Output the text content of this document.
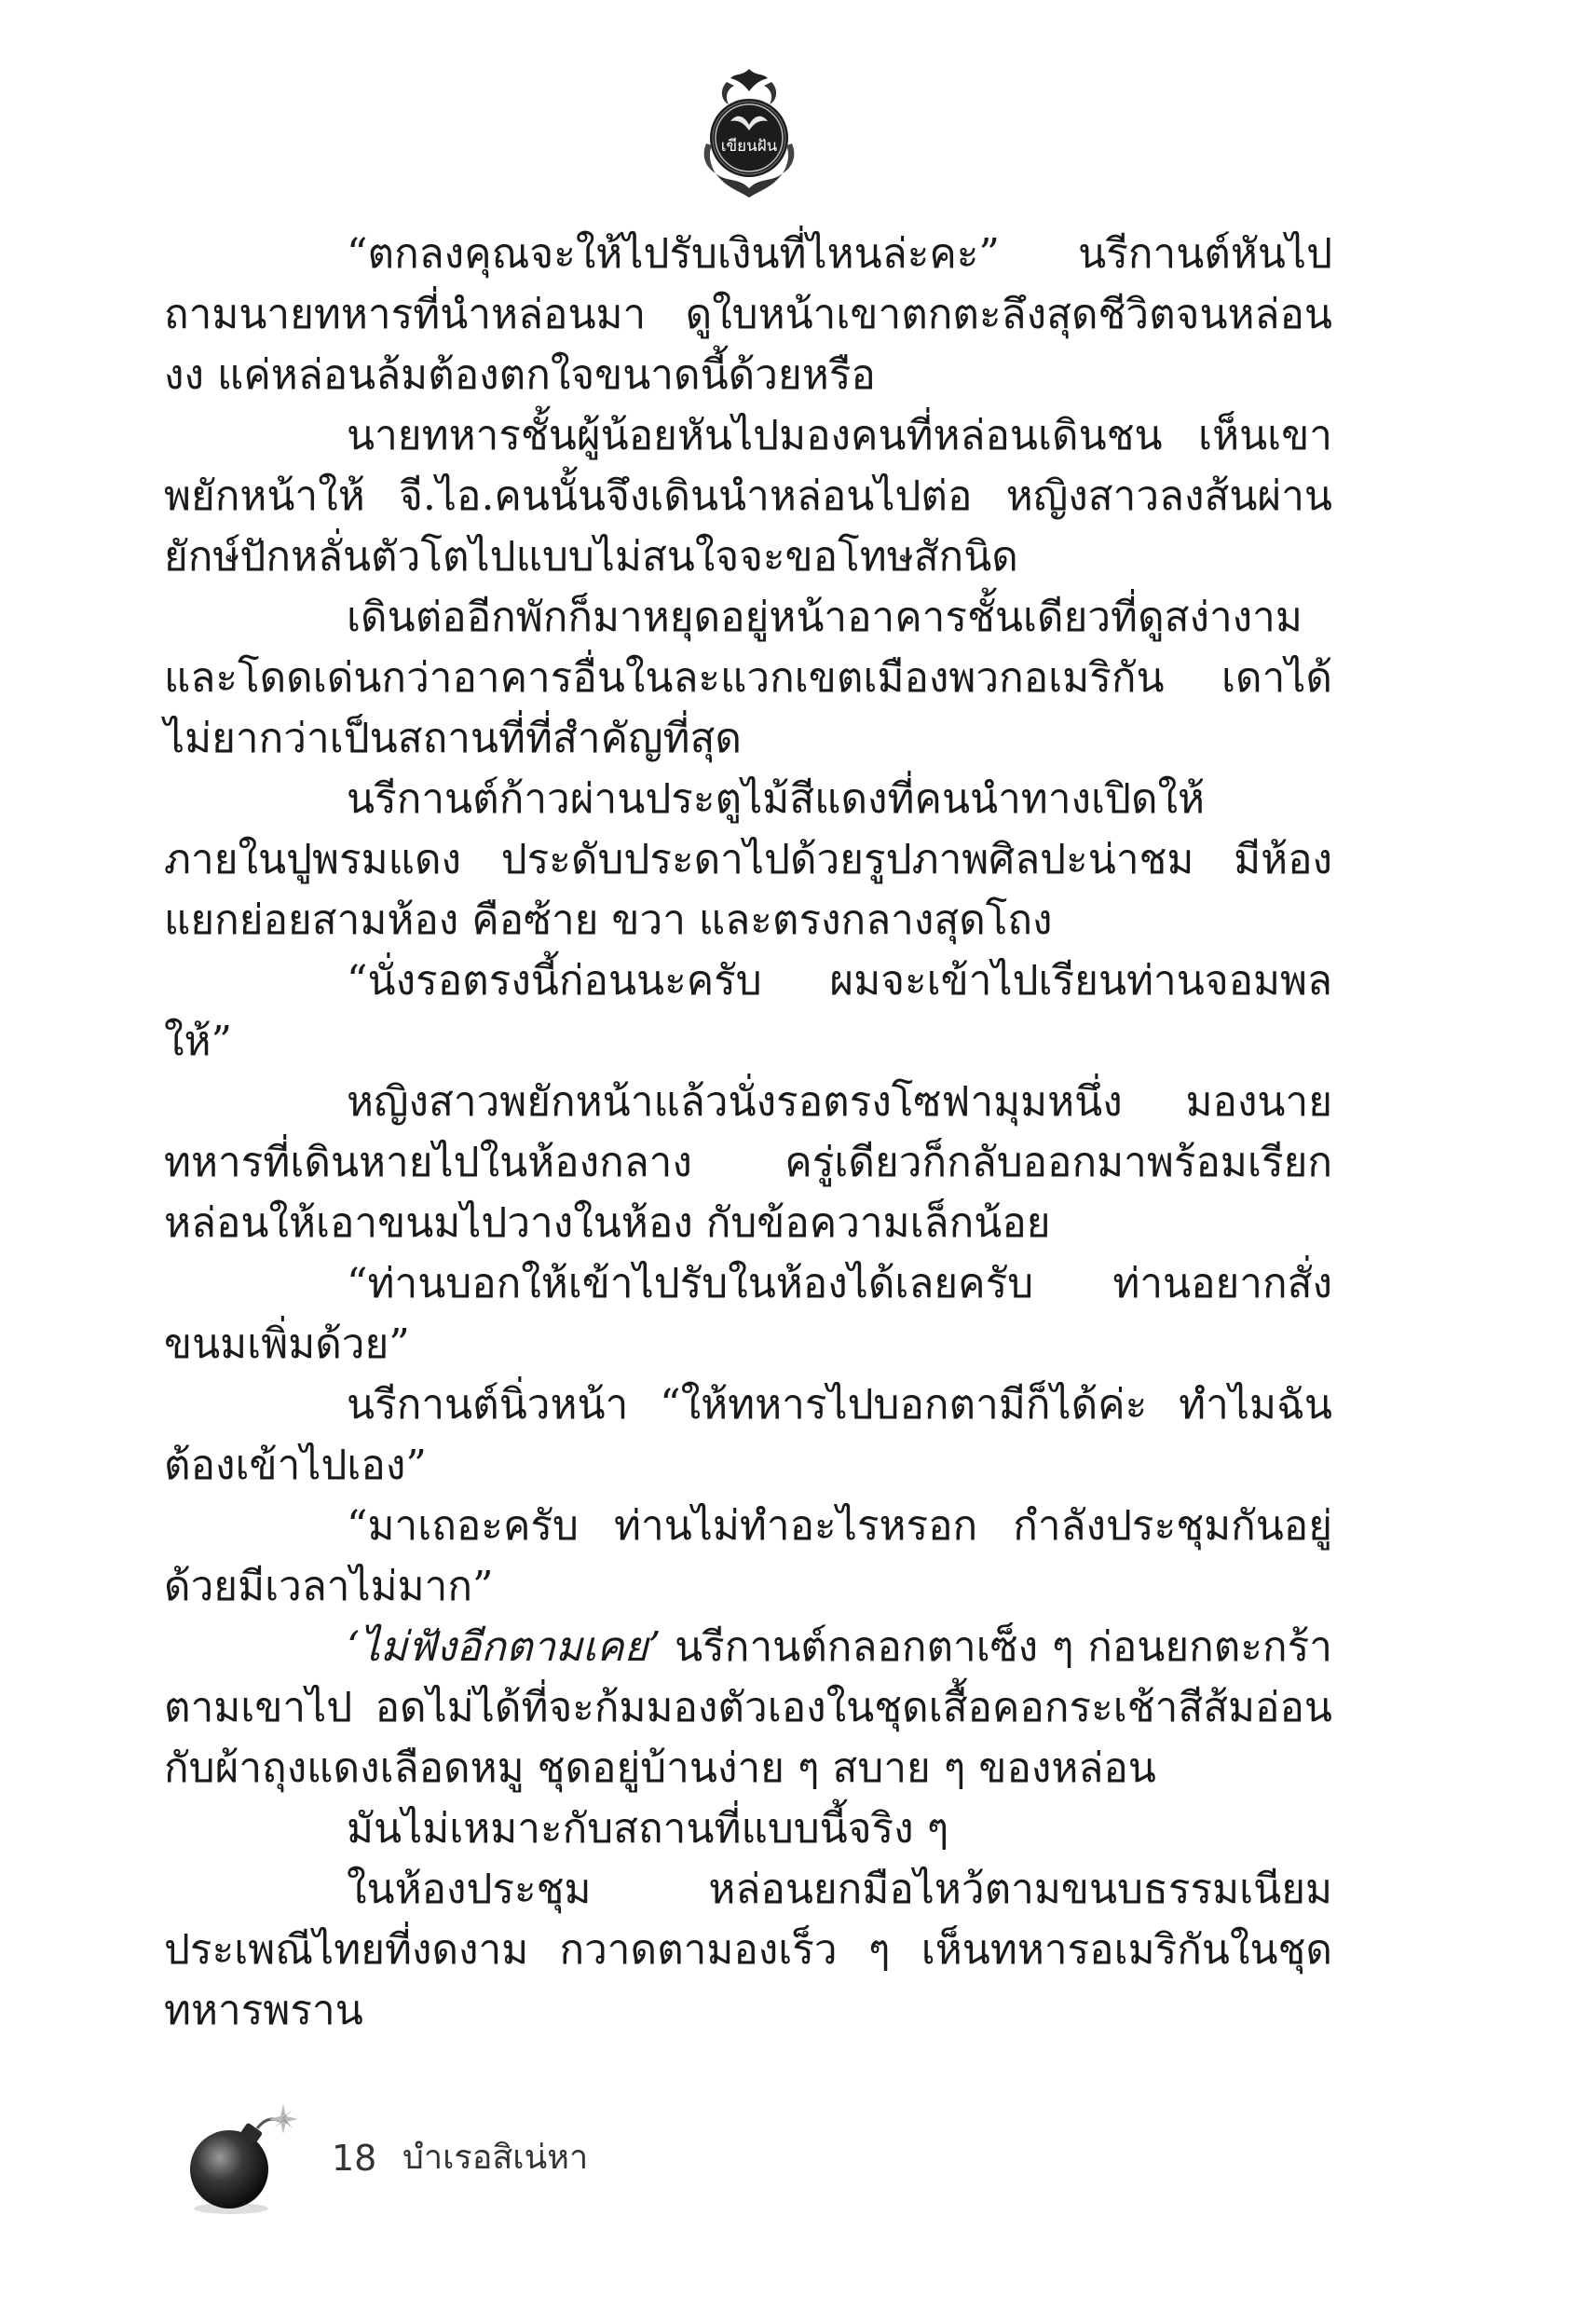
เขียนฝัน

“ตกลงคุณจะให้ไปรับเงินที่ไหนล่ะคะ” นรีกานต์หันไปถามนายทหารที่นำหล่อนมา ดูใบหน้าเขาตกตะลึงสุดชีวิตจนหล่อนงง แค่หล่อนล้มต้องตกใจขนาดนี้ด้วยหรือ

นายทหารชั้นผู้น้อยหันไปมองคนที่หล่อนเดินชน เห็นเขาพยักหน้าให้ จี.ไอ.คนนั้นจึงเดินนำหล่อนไปต่อ หญิงสาวลงส้นผ่านยักษ์ปักหลั่นตัวโตไปแบบไม่สนใจจะขอโทษสักนิด

เดินต่ออีกพักก็มาหยุดอยู่หน้าอาคารชั้นเดียวที่ดูสง่างามและโดดเด่นกว่าอาคารอื่นในละแวกเขตเมืองพวกอเมริกัน เดาได้ไม่ยากว่าเป็นสถานที่ที่สำคัญที่สุด

นรีกานต์ก้าวผ่านประตูไม้สีแดงที่คนนำทางเปิดให้ ภายในปูพรมแดง ประดับประดาไปด้วยรูปภาพศิลปะน่าชม มีห้องแยกย่อยสามห้อง คือซ้าย ขวา และตรงกลางสุดโถง

“นั่งรอตรงนี้ก่อนนะครับ ผมจะเข้าไปเรียนท่านจอมพลให้”

หญิงสาวพยักหน้าแล้วนั่งรอตรงโซฟามุมหนึ่ง มองนายทหารที่เดินหายไปในห้องกลาง ครู่เดียวก็กลับออกมาพร้อมเรียกหล่อนให้เอาขนมไปวางในห้อง กับข้อความเล็กน้อย

“ท่านบอกให้เข้าไปรับในห้องได้เลยครับ ท่านอยากสั่งขนมเพิ่มด้วย”

นรีกานต์นิ่วหน้า “ให้ทหารไปบอกตามีก็ได้ค่ะ ทำไมฉันต้องเข้าไปเอง”

“มาเถอะครับ ท่านไม่ทำอะไรหรอก กำลังประชุมกันอยู่ด้วยมีเวลาไม่มาก”

‘ไม่ฟังอีกตามเคย’ นรีกานต์กลอกตาเซ็ง ๆ ก่อนยกตะกร้าตามเขาไป อดไม่ได้ที่จะก้มมองตัวเองในชุดเสื้อคอกระเช้าสีส้มอ่อนกับผ้าถุงแดงเลือดหมู ชุดอยู่บ้านง่าย ๆ สบาย ๆ ของหล่อน

มันไม่เหมาะกับสถานที่แบบนี้จริง ๆ

ในห้องประชุม หล่อนยกมือไหว้ตามขนบธรรมเนียมประเพณีไทยที่งดงาม กวาดตามองเร็ว ๆ เห็นทหารอเมริกันในชุดทหารพราน

18 บำเรอสิเน่หา
